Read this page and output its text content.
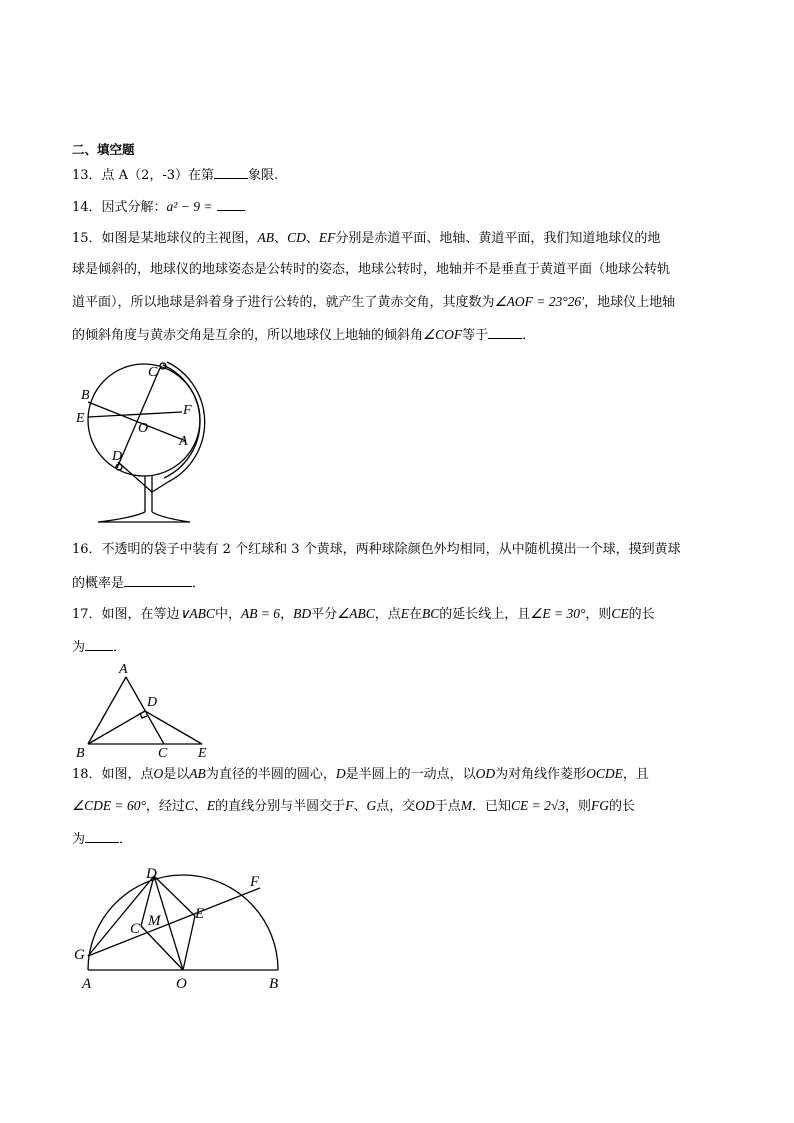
二、填空题
13．点 A（2，-3）在第	象限.
14．因式分解：a² − 9 =
15．如图是某地球仪的主视图，AB、CD、EF分别是赤道平面、地轴、黄道平面，我们知道地球仪的地
球是倾斜的，地球仪的地球姿态是公转时的姿态，地球公转时，地轴并不是垂直于黄道平面（地球公转轨
道平面），所以地球是斜着身子进行公转的，就产生了黄赤交角，其度数为∠AOF = 23°26′，地球仪上地轴
的倾斜角度与黄赤交角是互余的，所以地球仪上地轴的倾斜角∠COF等于	．
B
C
E
F
O
A
D
16．不透明的袋子中装有 2 个红球和 3 个黄球，两种球除颜色外均相同，从中随机摸出一个球，摸到黄球
的概率是	．
17．如图，在等边∨ABC中，AB = 6，BD平分∠ABC，点E在BC的延长线上，且∠E = 30°，则CE的长
为 ．
A
D
B	C E
18．如图，点O是以AB为直径的半圆的圆心，D是半圆上的一动点，以OD为对角线作菱形OCDE，且
∠CDE = 60°，经过C、E的直线分别与半圆交于F、G点，交OD于点M．已知CE = 2√3，则FG的长
为	．
D	F
E
C M
G
A	O	B
